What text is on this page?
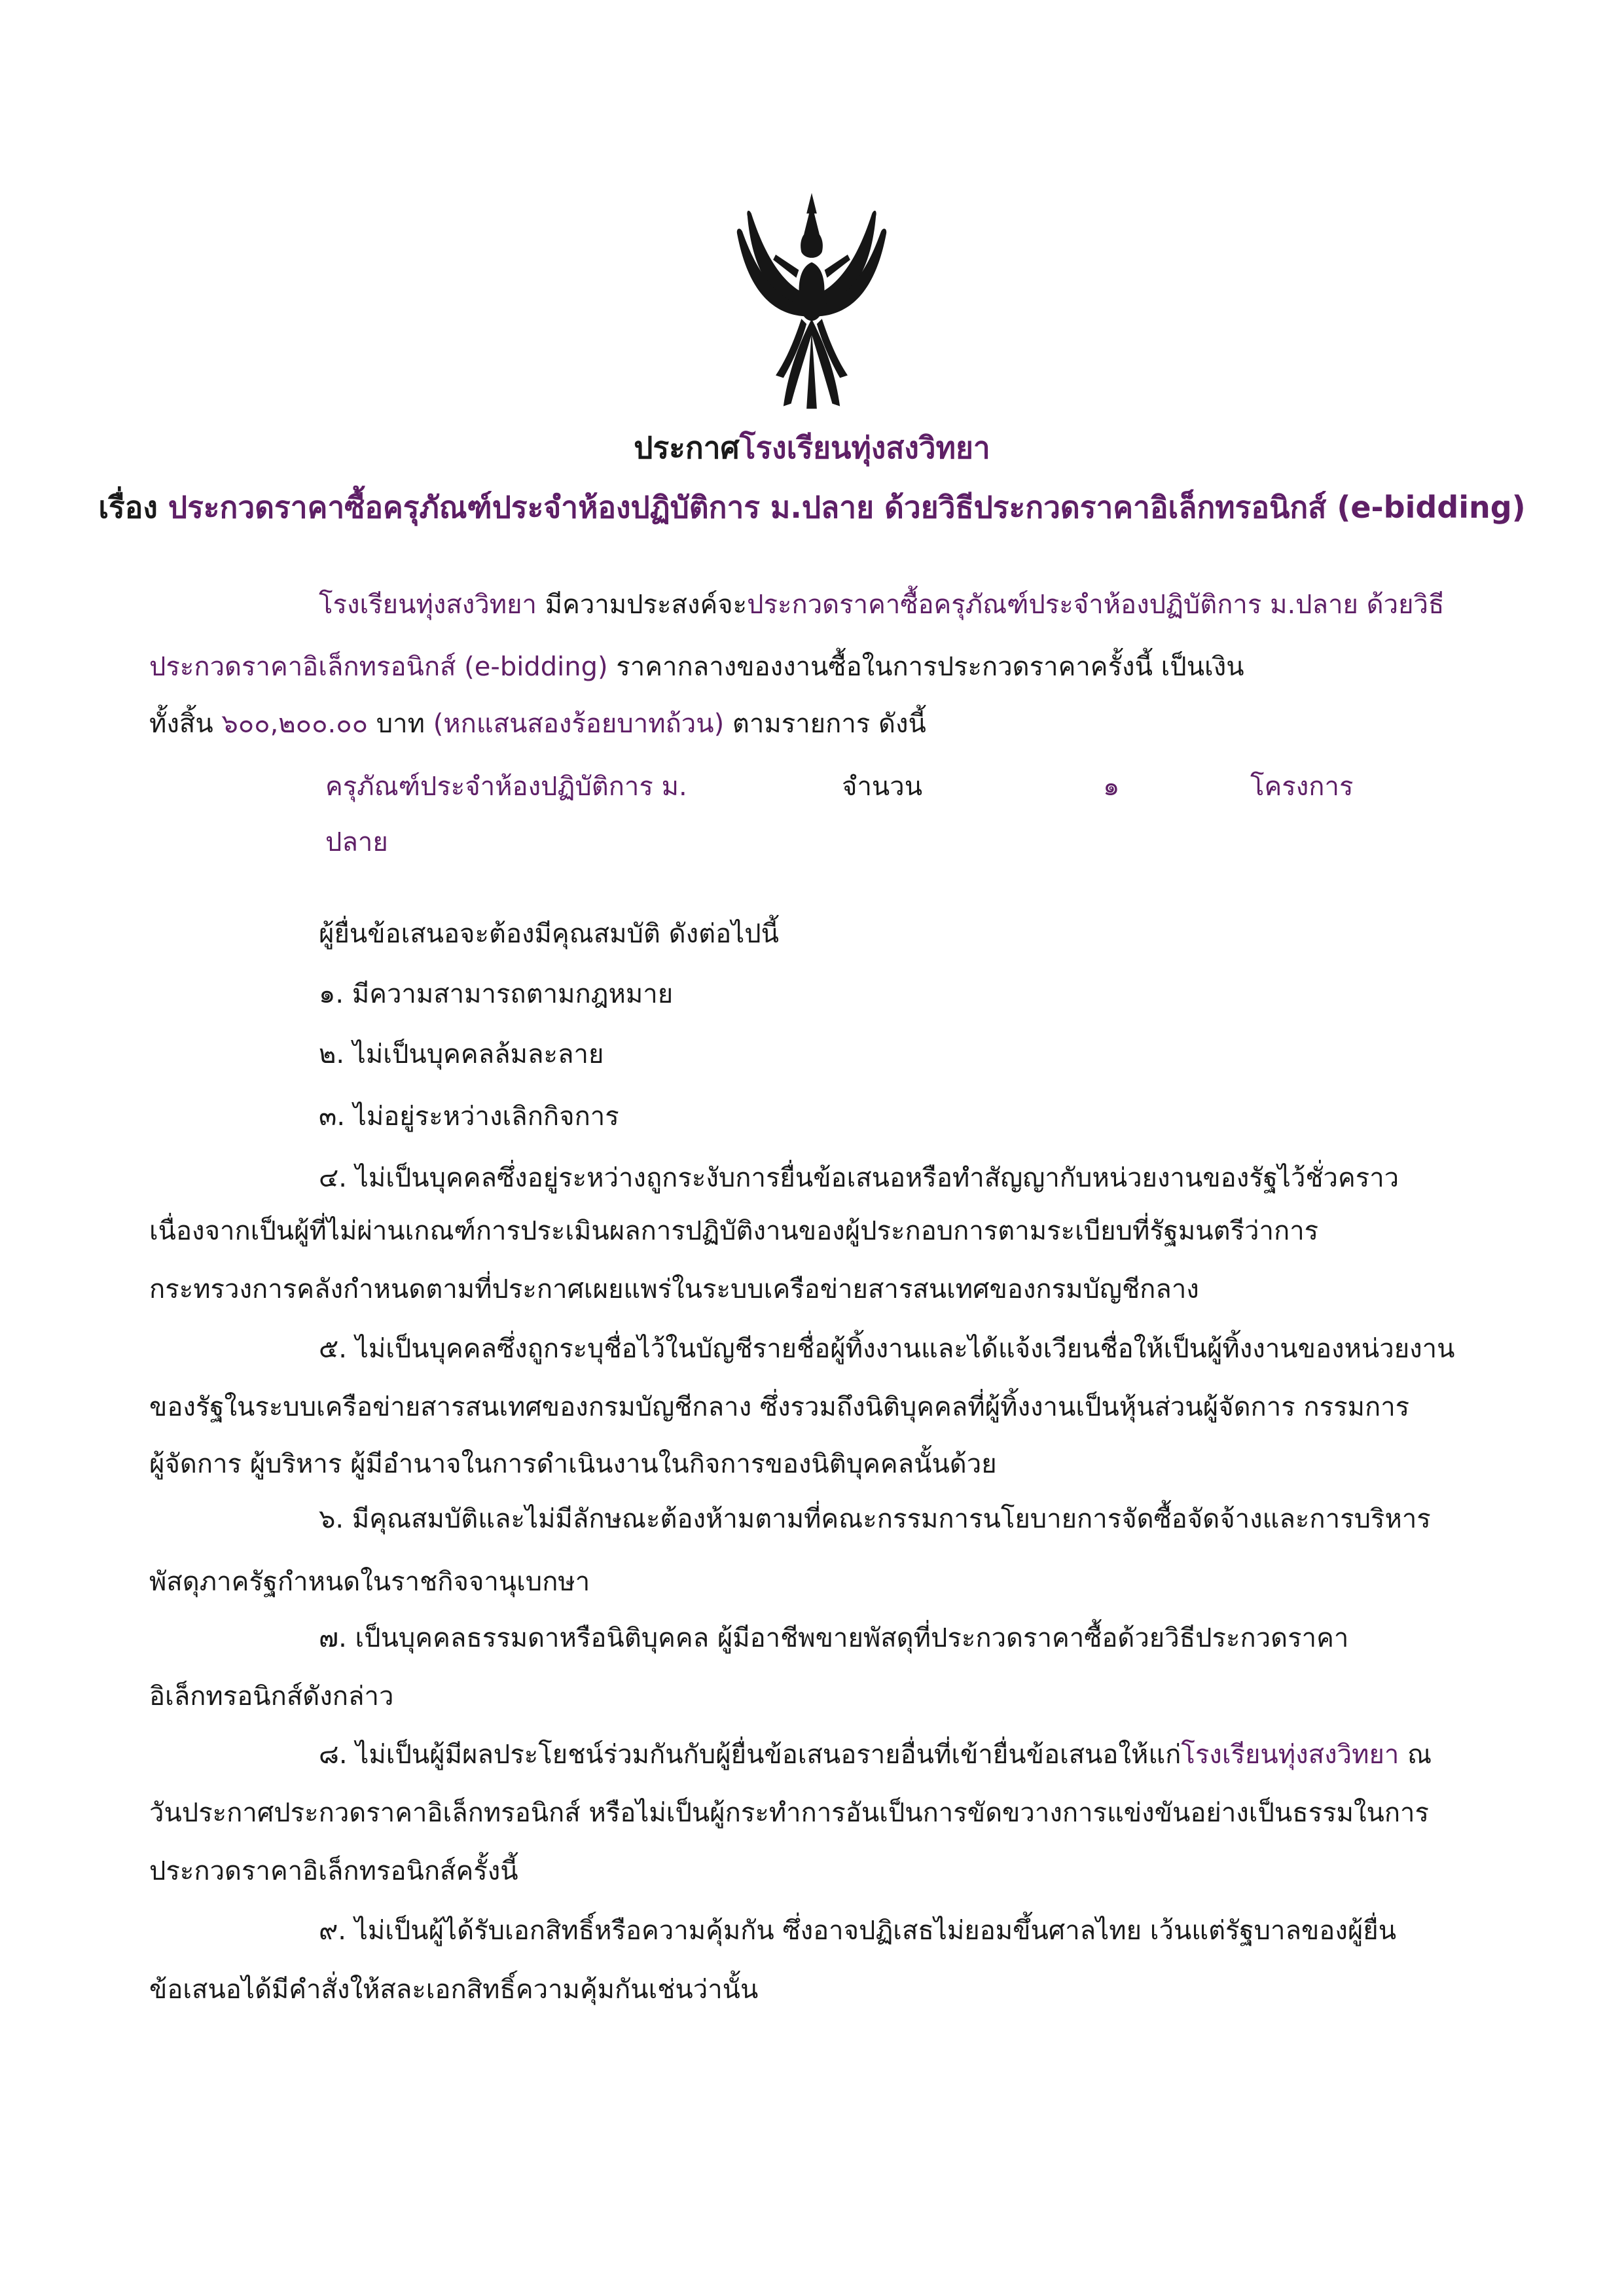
ประกาศโรงเรียนทุ่งสงวิทยา
เรื่อง ประกวดราคาซื้อครุภัณฑ์ประจำห้องปฏิบัติการ ม.ปลาย ด้วยวิธีประกวดราคาอิเล็กทรอนิกส์ (e-bidding)
โรงเรียนทุ่งสงวิทยา มีความประสงค์จะประกวดราคาซื้อครุภัณฑ์ประจำห้องปฏิบัติการ ม.ปลาย ด้วยวิธี
ประกวดราคาอิเล็กทรอนิกส์ (e-bidding) ราคากลางของงานซื้อในการประกวดราคาครั้งนี้ เป็นเงิน
ทั้งสิ้น ๖๐๐,๒๐๐.๐๐ บาท (หกแสนสองร้อยบาทถ้วน) ตามรายการ ดังนี้
ครุภัณฑ์ประจำห้องปฏิบัติการ ม.	จำนวน	๑	โครงการ
ปลาย
ผู้ยื่นข้อเสนอจะต้องมีคุณสมบัติ ดังต่อไปนี้
๑. มีความสามารถตามกฎหมาย
๒. ไม่เป็นบุคคลล้มละลาย
๓. ไม่อยู่ระหว่างเลิกกิจการ
๔. ไม่เป็นบุคคลซึ่งอยู่ระหว่างถูกระงับการยื่นข้อเสนอหรือทำสัญญากับหน่วยงานของรัฐไว้ชั่วคราว
เนื่องจากเป็นผู้ที่ไม่ผ่านเกณฑ์การประเมินผลการปฏิบัติงานของผู้ประกอบการตามระเบียบที่รัฐมนตรีว่าการ
กระทรวงการคลังกำหนดตามที่ประกาศเผยแพร่ในระบบเครือข่ายสารสนเทศของกรมบัญชีกลาง
๕. ไม่เป็นบุคคลซึ่งถูกระบุชื่อไว้ในบัญชีรายชื่อผู้ทิ้งงานและได้แจ้งเวียนชื่อให้เป็นผู้ทิ้งงานของหน่วยงาน
ของรัฐในระบบเครือข่ายสารสนเทศของกรมบัญชีกลาง ซึ่งรวมถึงนิติบุคคลที่ผู้ทิ้งงานเป็นหุ้นส่วนผู้จัดการ กรรมการ
ผู้จัดการ ผู้บริหาร ผู้มีอำนาจในการดำเนินงานในกิจการของนิติบุคคลนั้นด้วย
๖. มีคุณสมบัติและไม่มีลักษณะต้องห้ามตามที่คณะกรรมการนโยบายการจัดซื้อจัดจ้างและการบริหาร
พัสดุภาครัฐกำหนดในราชกิจจานุเบกษา
๗. เป็นบุคคลธรรมดาหรือนิติบุคคล ผู้มีอาชีพขายพัสดุที่ประกวดราคาซื้อด้วยวิธีประกวดราคา
อิเล็กทรอนิกส์ดังกล่าว
๘. ไม่เป็นผู้มีผลประโยชน์ร่วมกันกับผู้ยื่นข้อเสนอรายอื่นที่เข้ายื่นข้อเสนอให้แก่โรงเรียนทุ่งสงวิทยา ณ
วันประกาศประกวดราคาอิเล็กทรอนิกส์ หรือไม่เป็นผู้กระทำการอันเป็นการขัดขวางการแข่งขันอย่างเป็นธรรมในการ
ประกวดราคาอิเล็กทรอนิกส์ครั้งนี้
๙. ไม่เป็นผู้ได้รับเอกสิทธิ์หรือความคุ้มกัน ซึ่งอาจปฏิเสธไม่ยอมขึ้นศาลไทย เว้นแต่รัฐบาลของผู้ยื่น
ข้อเสนอได้มีคำสั่งให้สละเอกสิทธิ์ความคุ้มกันเช่นว่านั้น
